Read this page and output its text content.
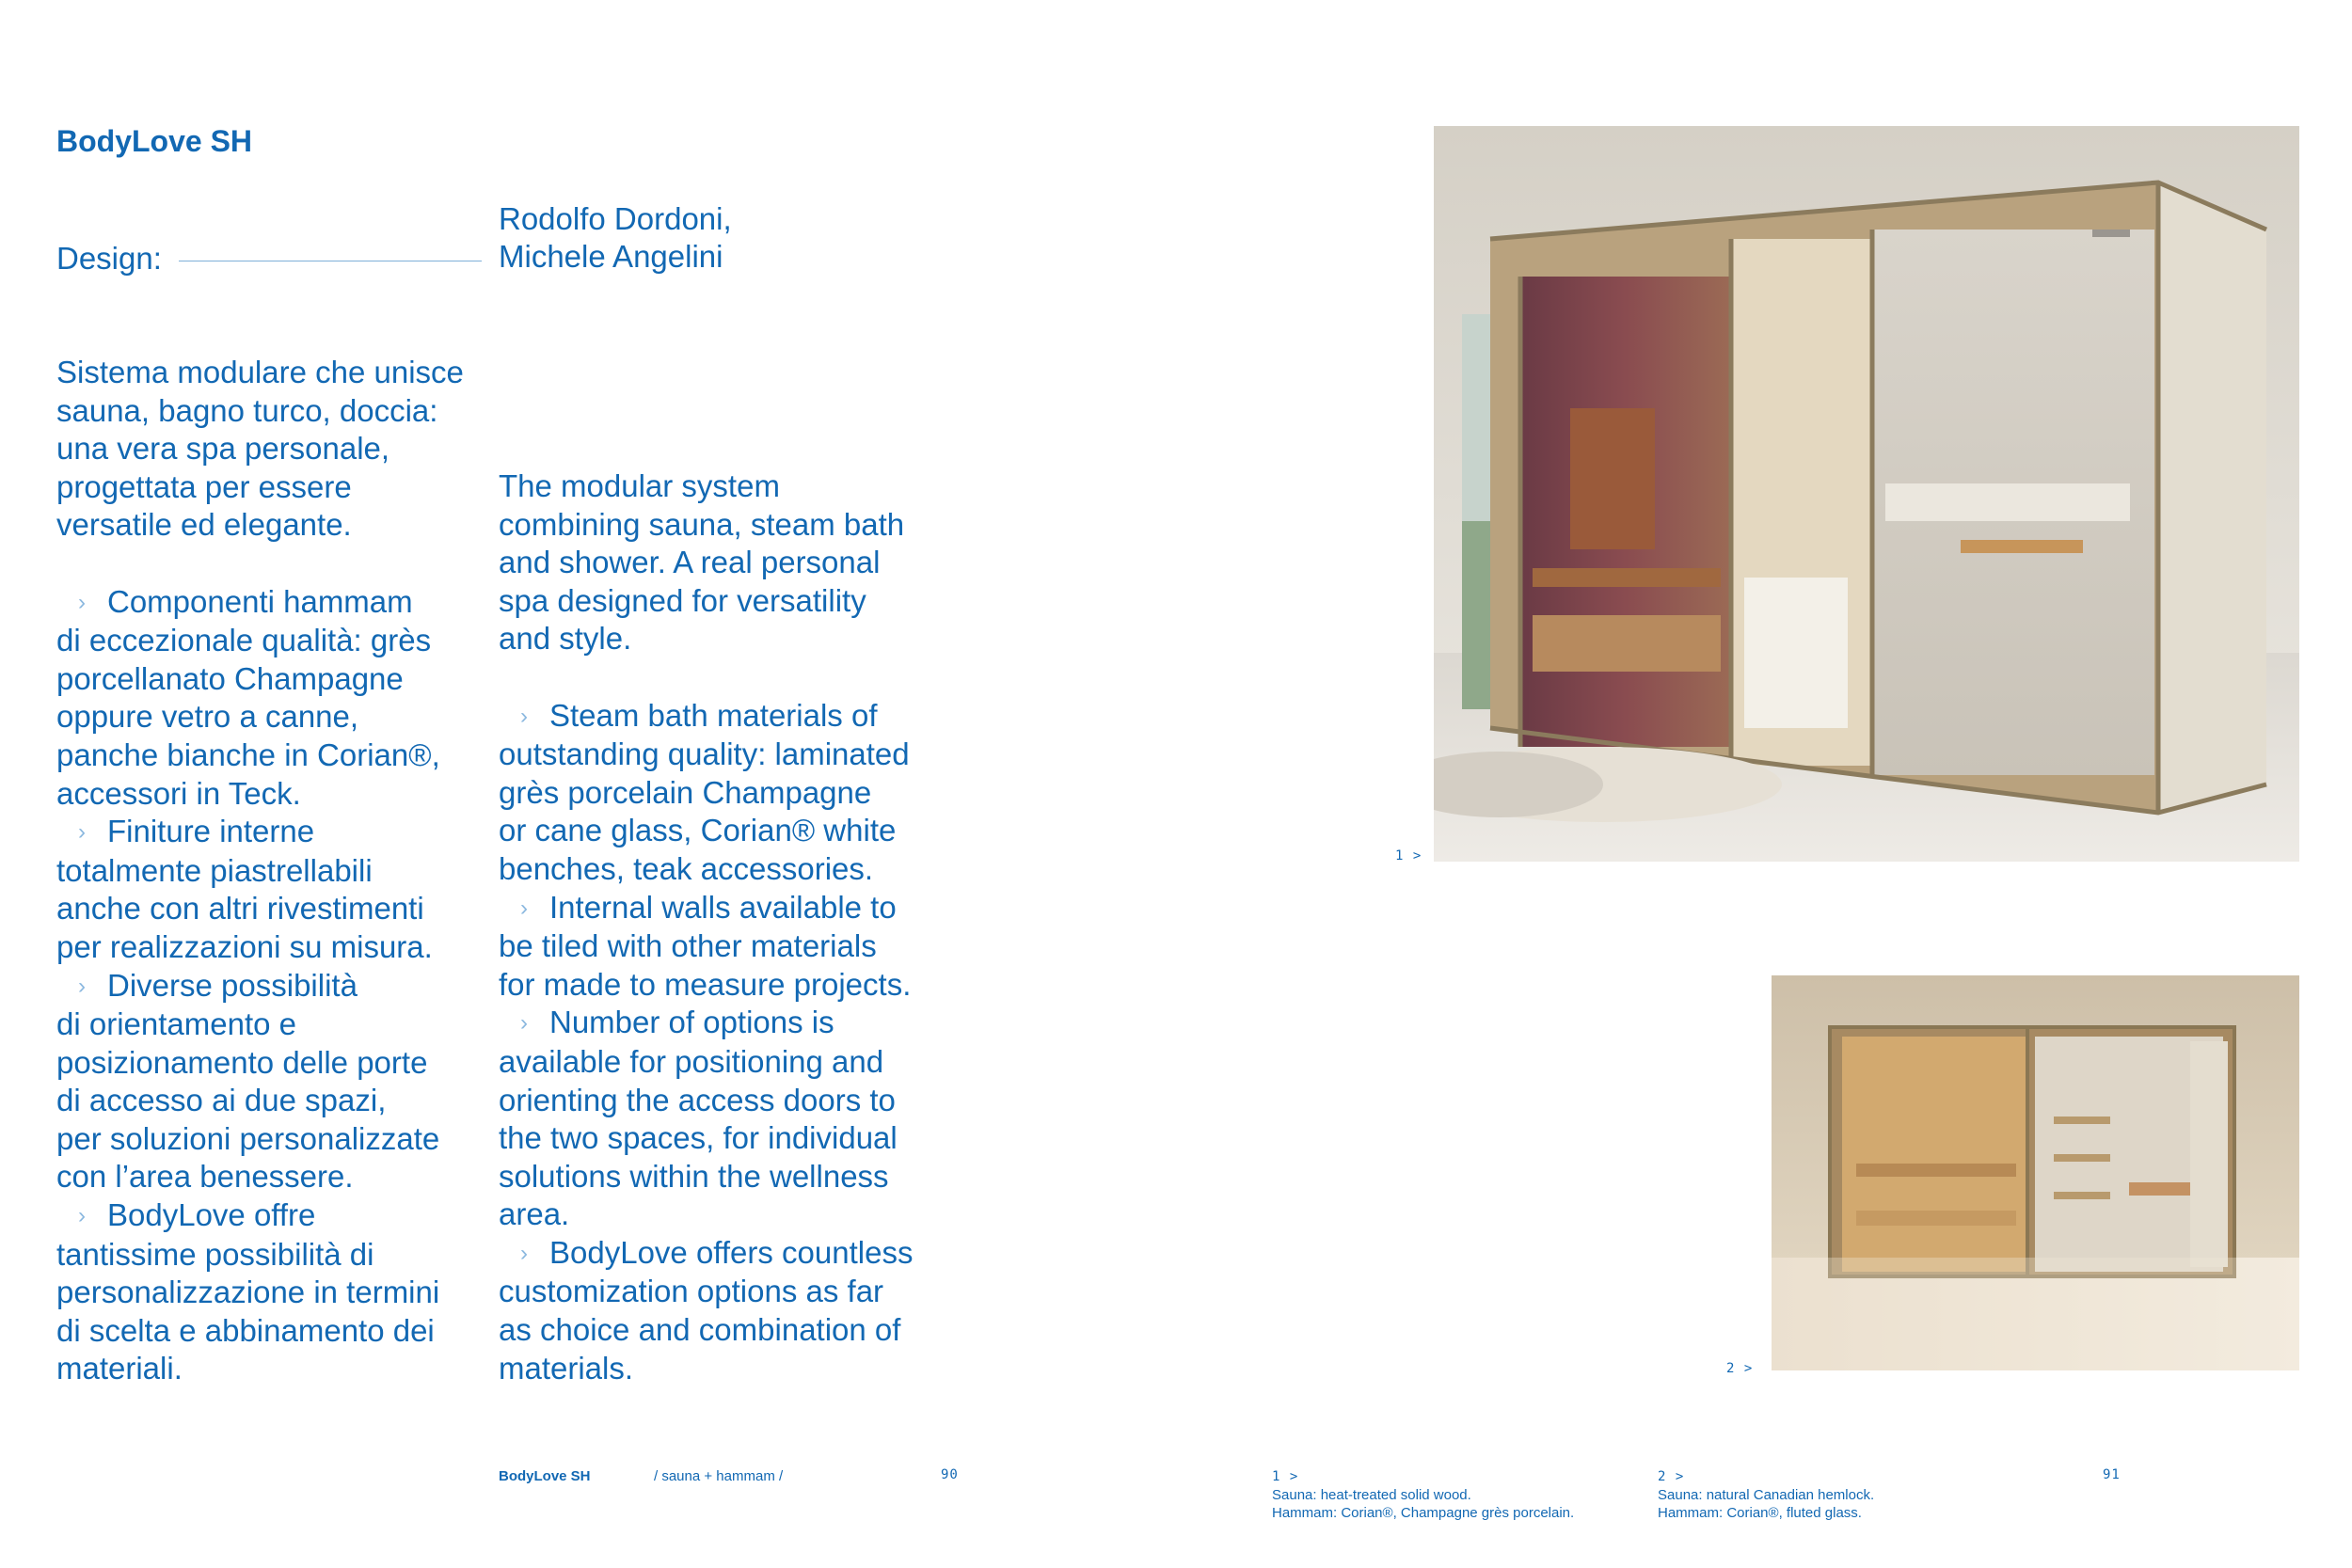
BodyLove SH
Design:
Rodolfo Dordoni,
Michele Angelini

Sistema modulare che unisce

sauna, bagno turco, doccia:

una vera spa personale,

progettata per essere

versatile ed elegante.

› Componenti hammam

di eccezionale qualità: grès

porcellanato Champagne

oppure vetro a canne,

panche bianche in Corian®,

accessori in Teck.

› Finiture interne

totalmente piastrellabili

anche con altri rivestimenti

per realizzazioni su misura.

› Diverse possibilità

di orientamento e

posizionamento delle porte

di accesso ai due spazi,

per soluzioni personalizzate

con l’area benessere.

› BodyLove offre

tantissime possibilità di

personalizzazione in termini

di scelta e abbinamento dei

materiali.

The modular system

combining sauna, steam bath

and shower. A real personal

spa designed for versatility

and style.

› Steam bath materials of

outstanding quality: laminated

grès porcelain Champagne

or cane glass, Corian® white

benches, teak accessories.

› Internal walls available to

be tiled with other materials

for made to measure projects.

› Number of options is

available for positioning and

orienting the access doors to

the two spaces, for individual

solutions within the wellness

area.

› BodyLove offers countless

customization options as far

as choice and combination of

materials.

BodyLove SH	/ sauna + hammam /	90
1 >
2 >
1 >
Sauna: heat-treated solid wood.
Hammam: Corian®, Champagne grès porcelain.
2 >
Sauna: natural Canadian hemlock.
Hammam: Corian®, fluted glass.
91
